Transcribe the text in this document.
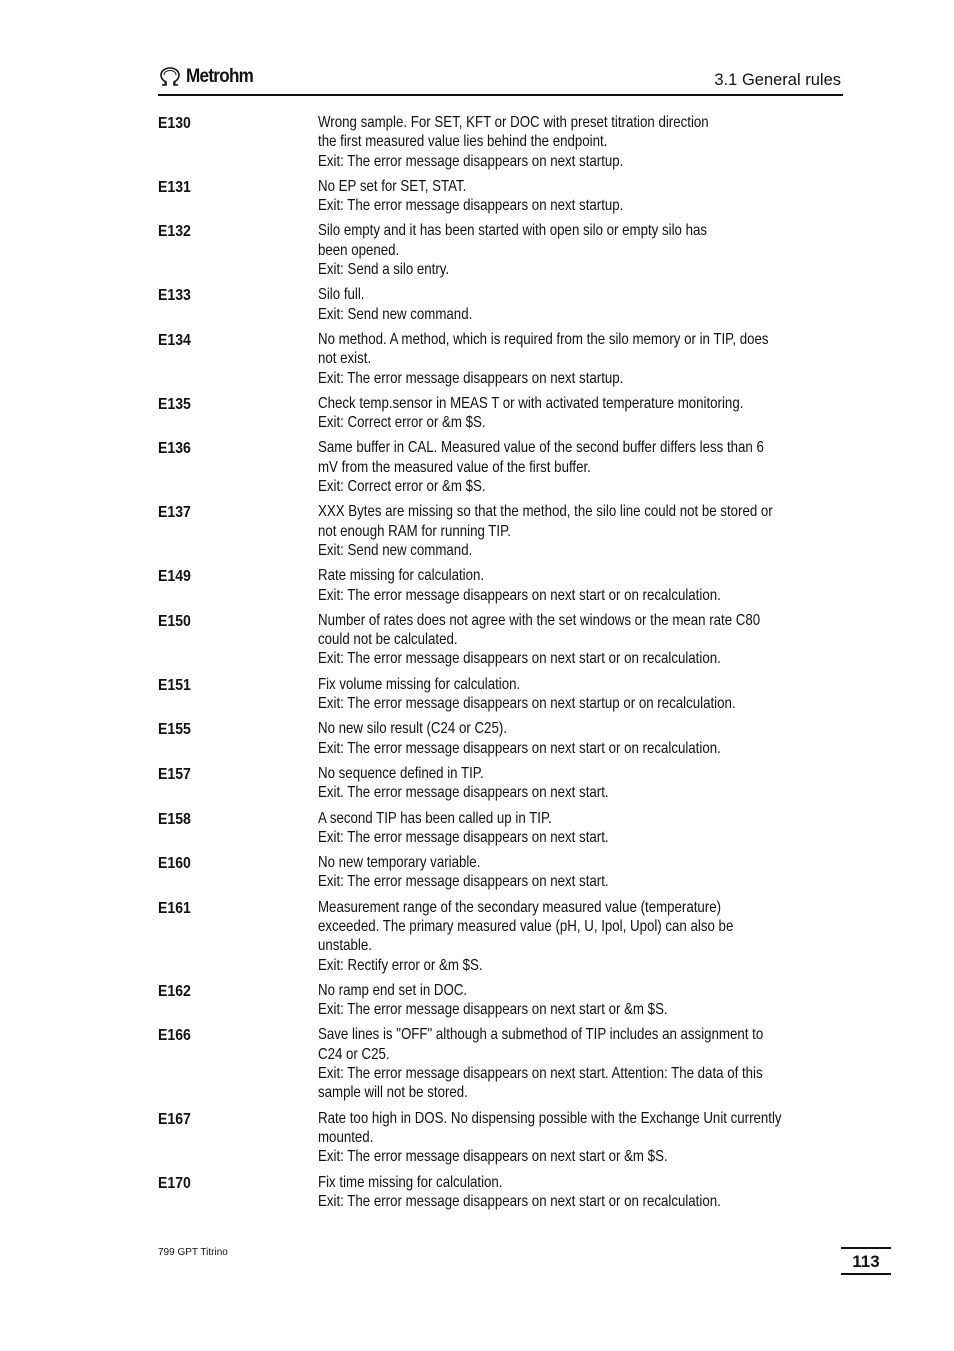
Metrohm	3.1 General rules
E130	Wrong sample. For SET, KFT or DOC with preset titration direction
the first measured value lies behind the endpoint.
Exit: The error message disappears on next startup.
E131	No EP set for SET, STAT.
Exit: The error message disappears on next startup.
E132	Silo empty and it has been started with open silo or empty silo has
been opened.
Exit: Send a silo entry.
E133	Silo full.
Exit: Send new command.
E134	No method. A method, which is required from the silo memory or in TIP, does
not exist.
Exit: The error message disappears on next startup.
E135	Check temp.sensor in MEAS T or with activated temperature monitoring.
Exit: Correct error or &m $S.
E136	Same buffer in CAL. Measured value of the second buffer differs less than 6
mV from the measured value of the first buffer.
Exit: Correct error or &m $S.
E137	XXX Bytes are missing so that the method, the silo line could not be stored or
not enough RAM for running TIP.
Exit: Send new command.
E149	Rate missing for calculation.
Exit: The error message disappears on next start or on recalculation.
E150	Number of rates does not agree with the set windows or the mean rate C80
could not be calculated.
Exit: The error message disappears on next start or on recalculation.
E151	Fix volume missing for calculation.
Exit: The error message disappears on next startup or on recalculation.
E155	No new silo result (C24 or C25).
Exit: The error message disappears on next start or on recalculation.
E157	No sequence defined in TIP.
Exit. The error message disappears on next start.
E158	A second TIP has been called up in TIP.
Exit: The error message disappears on next start.
E160	No new temporary variable.
Exit: The error message disappears on next start.
E161	Measurement range of the secondary measured value (temperature)
exceeded. The primary measured value (pH, U, Ipol, Upol) can also be
unstable.
Exit: Rectify error or &m $S.
E162	No ramp end set in DOC.
Exit: The error message disappears on next start or &m $S.
E166	Save lines is "OFF" although a submethod of TIP includes an assignment to
C24 or C25.
Exit: The error message disappears on next start. Attention: The data of this
sample will not be stored.
E167	Rate too high in DOS. No dispensing possible with the Exchange Unit currently
mounted.
Exit: The error message disappears on next start or &m $S.
E170	Fix time missing for calculation.
Exit: The error message disappears on next start or on recalculation.
799 GPT Titrino	113
